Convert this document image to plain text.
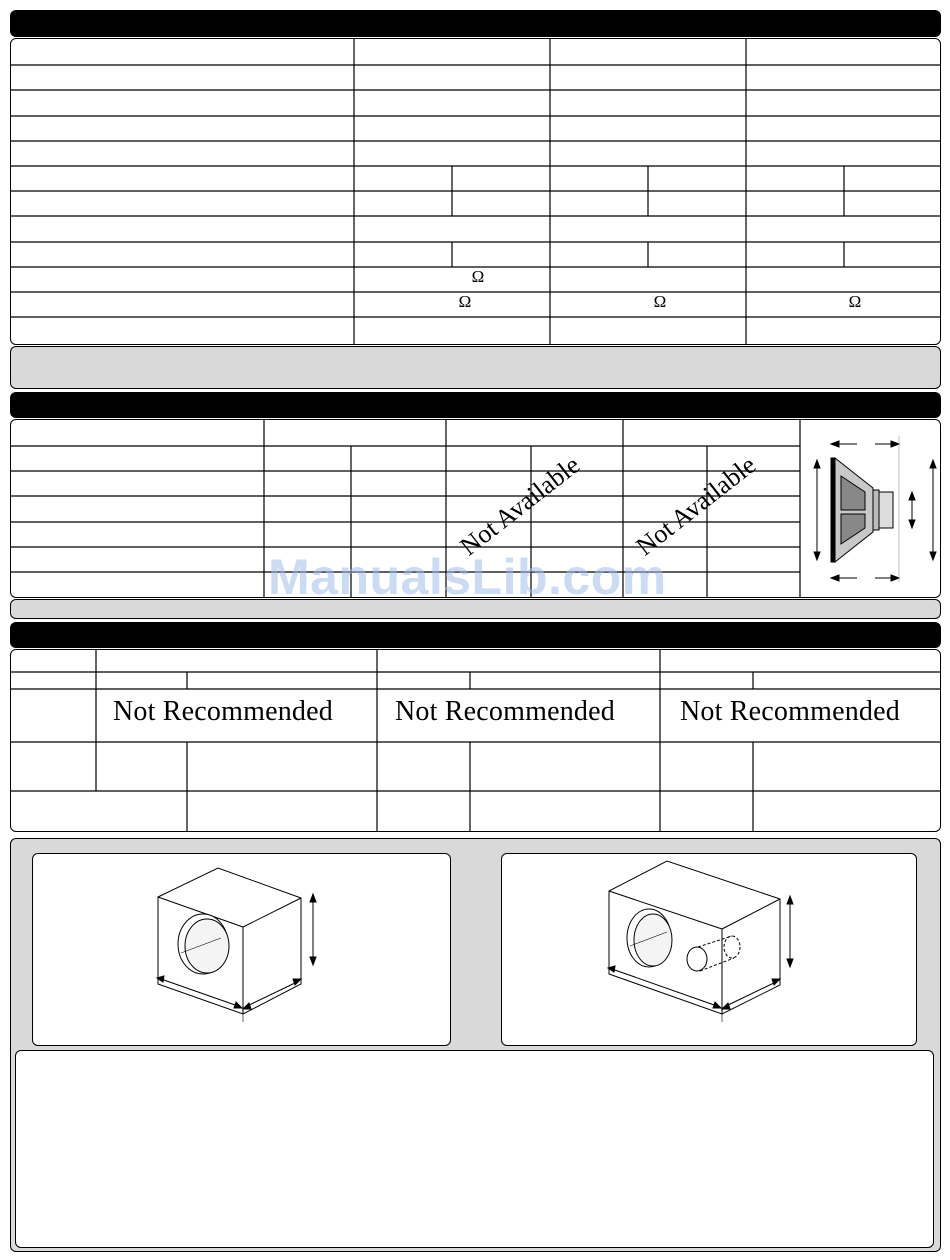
Ω
Ω	Ω	Ω
Not Available Not Available
ManualsLib.com
Not Recommended Not Recommended Not Recommended
